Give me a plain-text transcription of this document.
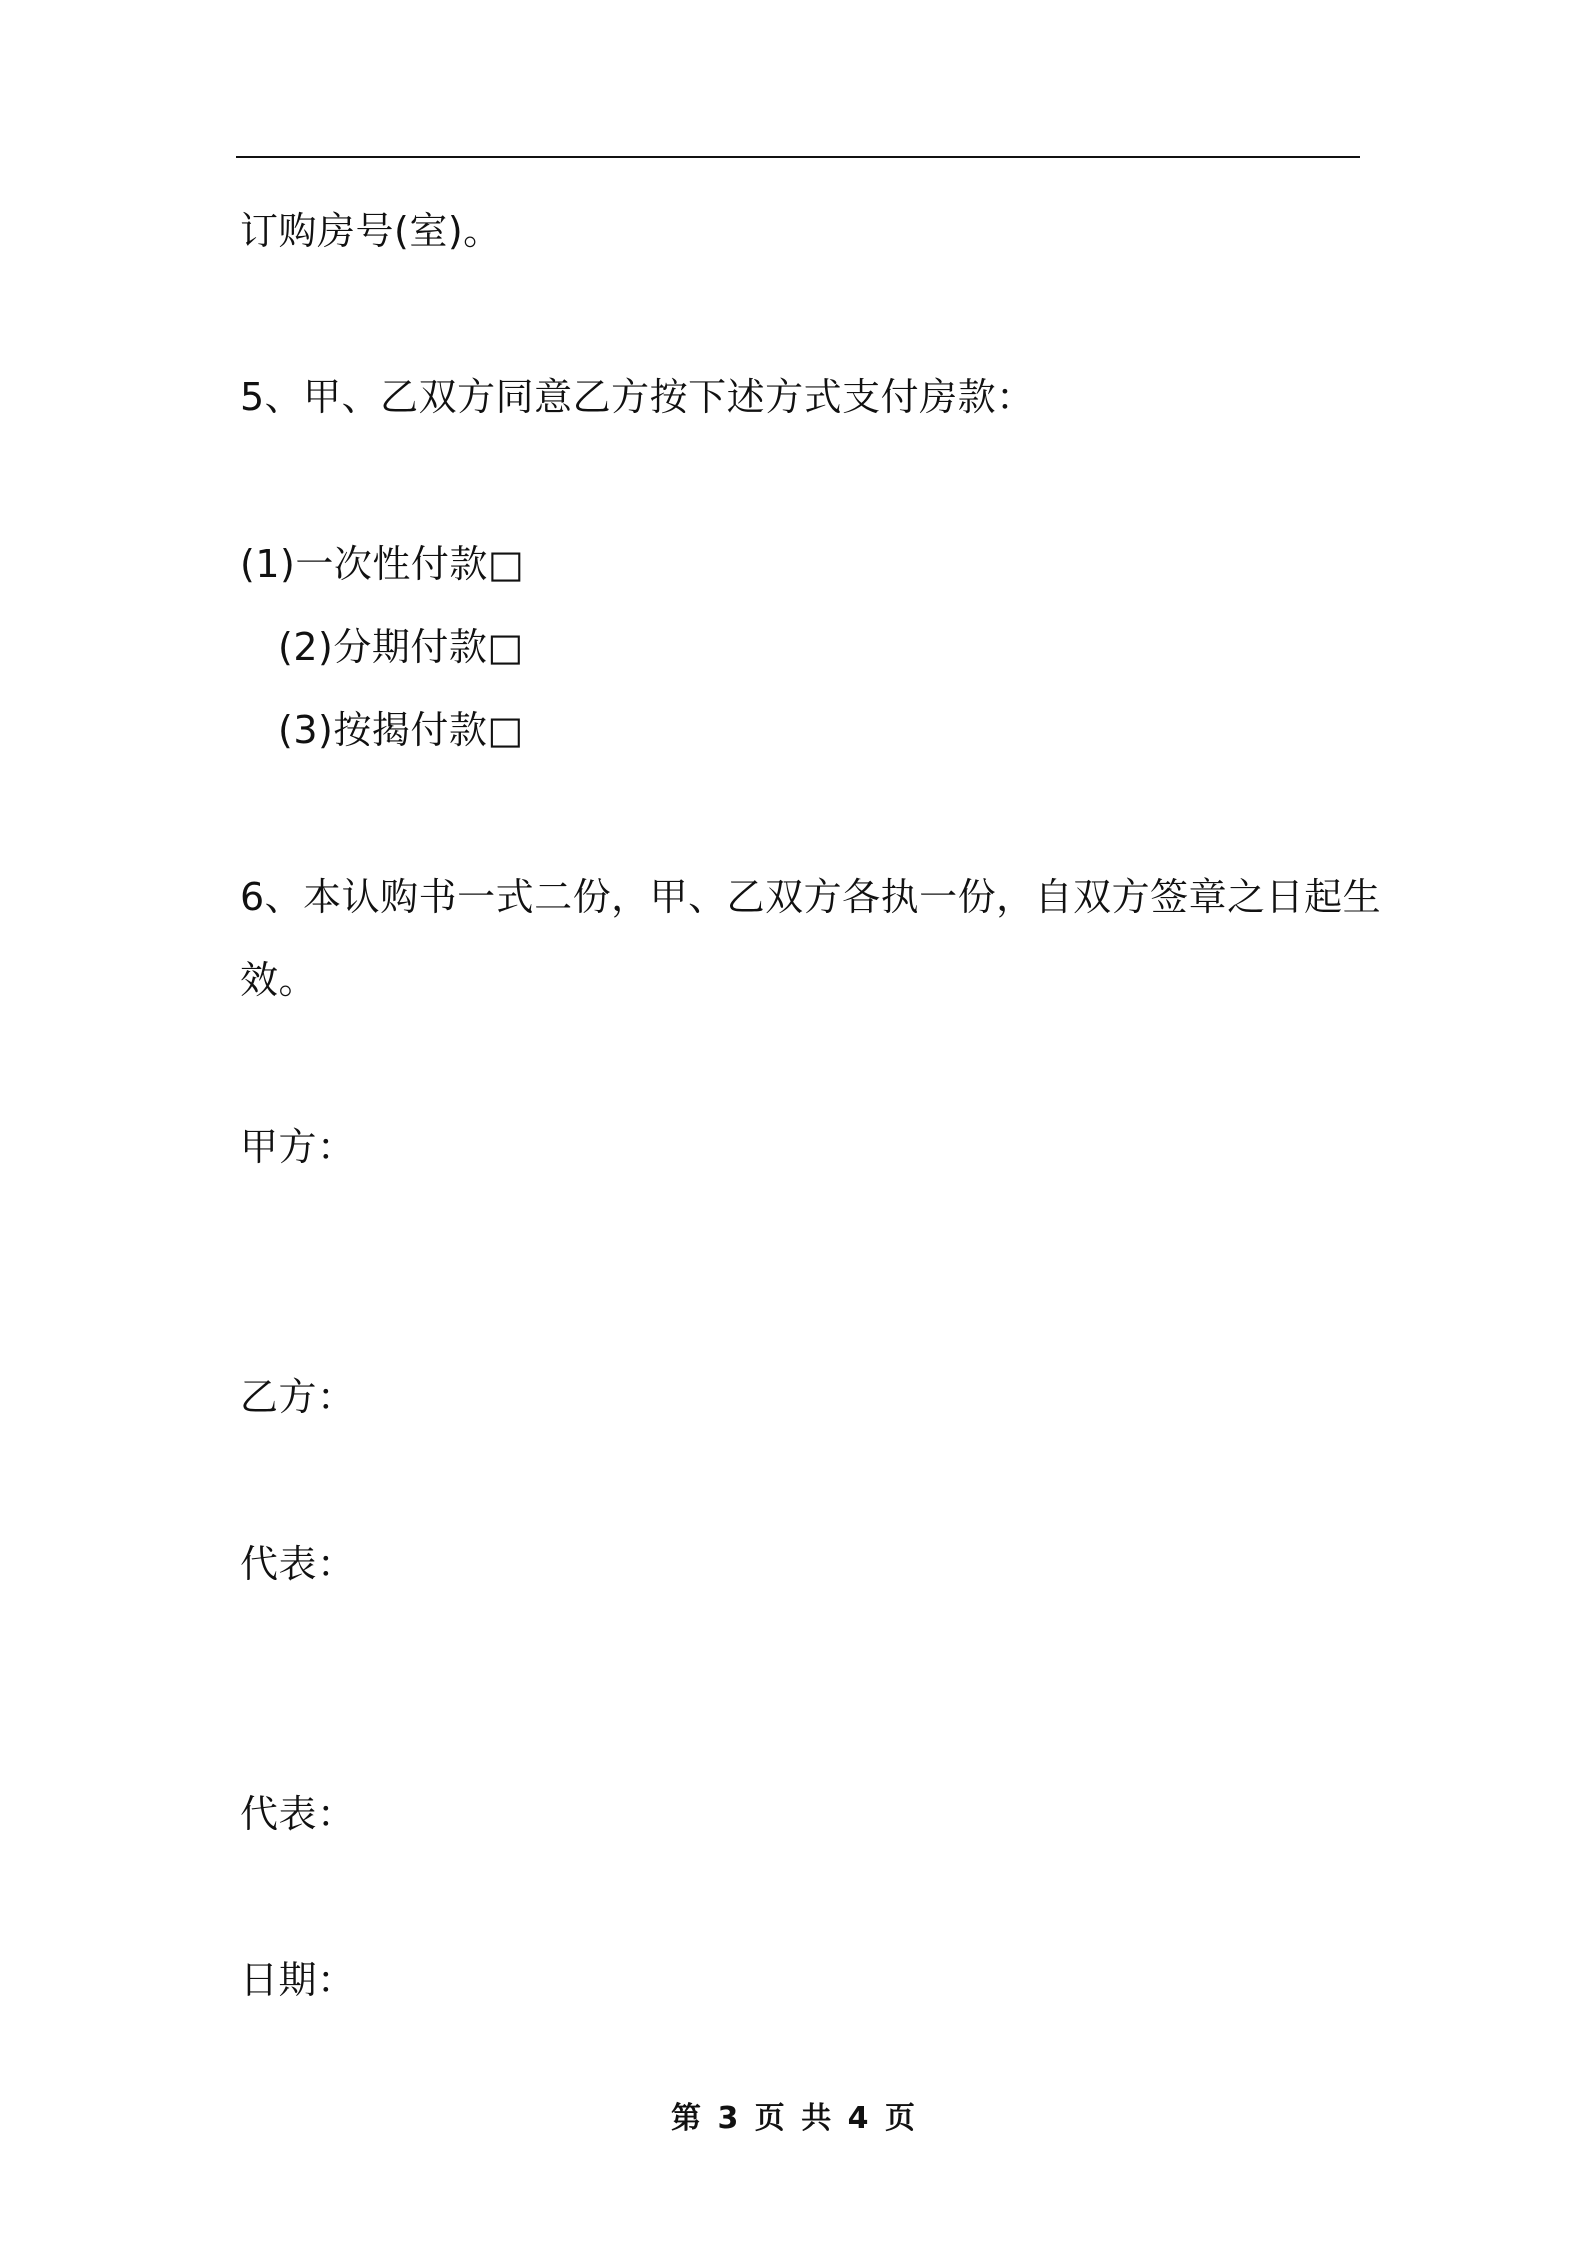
订购房号(室)。
5、甲、乙双方同意乙方按下述方式支付房款：
(1)一次性付款□
(2)分期付款□
(3)按揭付款□
6、本认购书一式二份，甲、乙双方各执一份，自双方签章之日起生
效。
甲方：
乙方：
代表：
代表：
日期：
第 3 页 共 4 页
